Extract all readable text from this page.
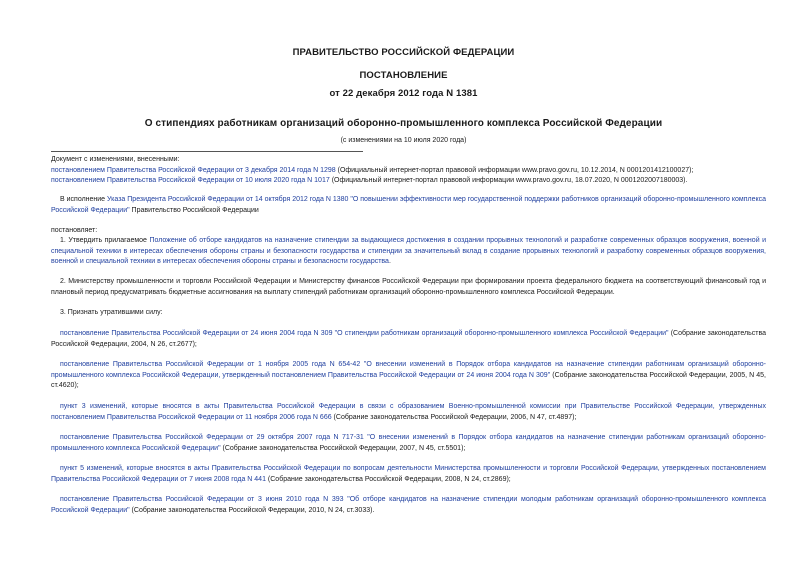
ПРАВИТЕЛЬСТВО РОССИЙСКОЙ ФЕДЕРАЦИИ
ПОСТАНОВЛЕНИЕ
от 22 декабря 2012 года N 1381
О стипендиях работникам организаций оборонно-промышленного комплекса Российской Федерации
(с изменениями на 10 июля 2020 года)

Документ с изменениями, внесенными:

постановлением Правительства Российской Федерации от 3 декабря 2014 года N 1298 (Официальный интернет-портал правовой информации www.pravo.gov.ru, 10.12.2014, N 0001201412100027);

постановлением Правительства Российской Федерации от 10 июля 2020 года N 1017 (Официальный интернет-портал правовой информации www.pravo.gov.ru, 18.07.2020, N 0001202007180003).

В исполнение Указа Президента Российской Федерации от 14 октября 2012 года N 1380 "О повышении эффективности мер государственной поддержки работников организаций оборонно-промышленного комплекса Российской Федерации" Правительство Российской Федерации
постановляет:
1. Утвердить прилагаемое Положение об отборе кандидатов на назначение стипендии за выдающиеся достижения в создании прорывных технологий и разработке современных образцов вооружения, военной и специальной техники в интересах обеспечения обороны страны и безопасности государства и стипендии за значительный вклад в создание прорывных технологий и разработку современных образцов вооружения, военной и специальной техники в интересах обеспечения обороны страны и безопасности государства.
2. Министерству промышленности и торговли Российской Федерации и Министерству финансов Российской Федерации при формировании проекта федерального бюджета на соответствующий финансовый год и плановый период предусматривать бюджетные ассигнования на выплату стипендий работникам организаций оборонно-промышленного комплекса Российской Федерации.
3. Признать утратившими силу:
постановление Правительства Российской Федерации от 24 июня 2004 года N 309 "О стипендии работникам организаций оборонно-промышленного комплекса Российской Федерации" (Собрание законодательства Российской Федерации, 2004, N 26, ст.2677);
постановление Правительства Российской Федерации от 1 ноября 2005 года N 654-42 "О внесении изменений в Порядок отбора кандидатов на назначение стипендии работникам организаций оборонно-промышленного комплекса Российской Федерации, утвержденный постановлением Правительства Российской Федерации от 24 июня 2004 года N 309" (Собрание законодательства Российской Федерации, 2005, N 45, ст.4620);
пункт 3 изменений, которые вносятся в акты Правительства Российской Федерации в связи с образованием Военно-промышленной комиссии при Правительстве Российской Федерации, утвержденных постановлением Правительства Российской Федерации от 11 ноября 2006 года N 666 (Собрание законодательства Российской Федерации, 2006, N 47, ст.4897);
постановление Правительства Российской Федерации от 29 октября 2007 года N 717-31 "О внесении изменений в Порядок отбора кандидатов на назначение стипендии работникам организаций оборонно-промышленного комплекса Российской Федерации" (Собрание законодательства Российской Федерации, 2007, N 45, ст.5501);
пункт 5 изменений, которые вносятся в акты Правительства Российской Федерации по вопросам деятельности Министерства промышленности и торговли Российской Федерации, утвержденных постановлением Правительства Российской Федерации от 7 июня 2008 года N 441 (Собрание законодательства Российской Федерации, 2008, N 24, ст.2869);
постановление Правительства Российской Федерации от 3 июня 2010 года N 393 "Об отборе кандидатов на назначение стипендии молодым работникам организаций оборонно-промышленного комплекса Российской Федерации" (Собрание законодательства Российской Федерации, 2010, N 24, ст.3033).
